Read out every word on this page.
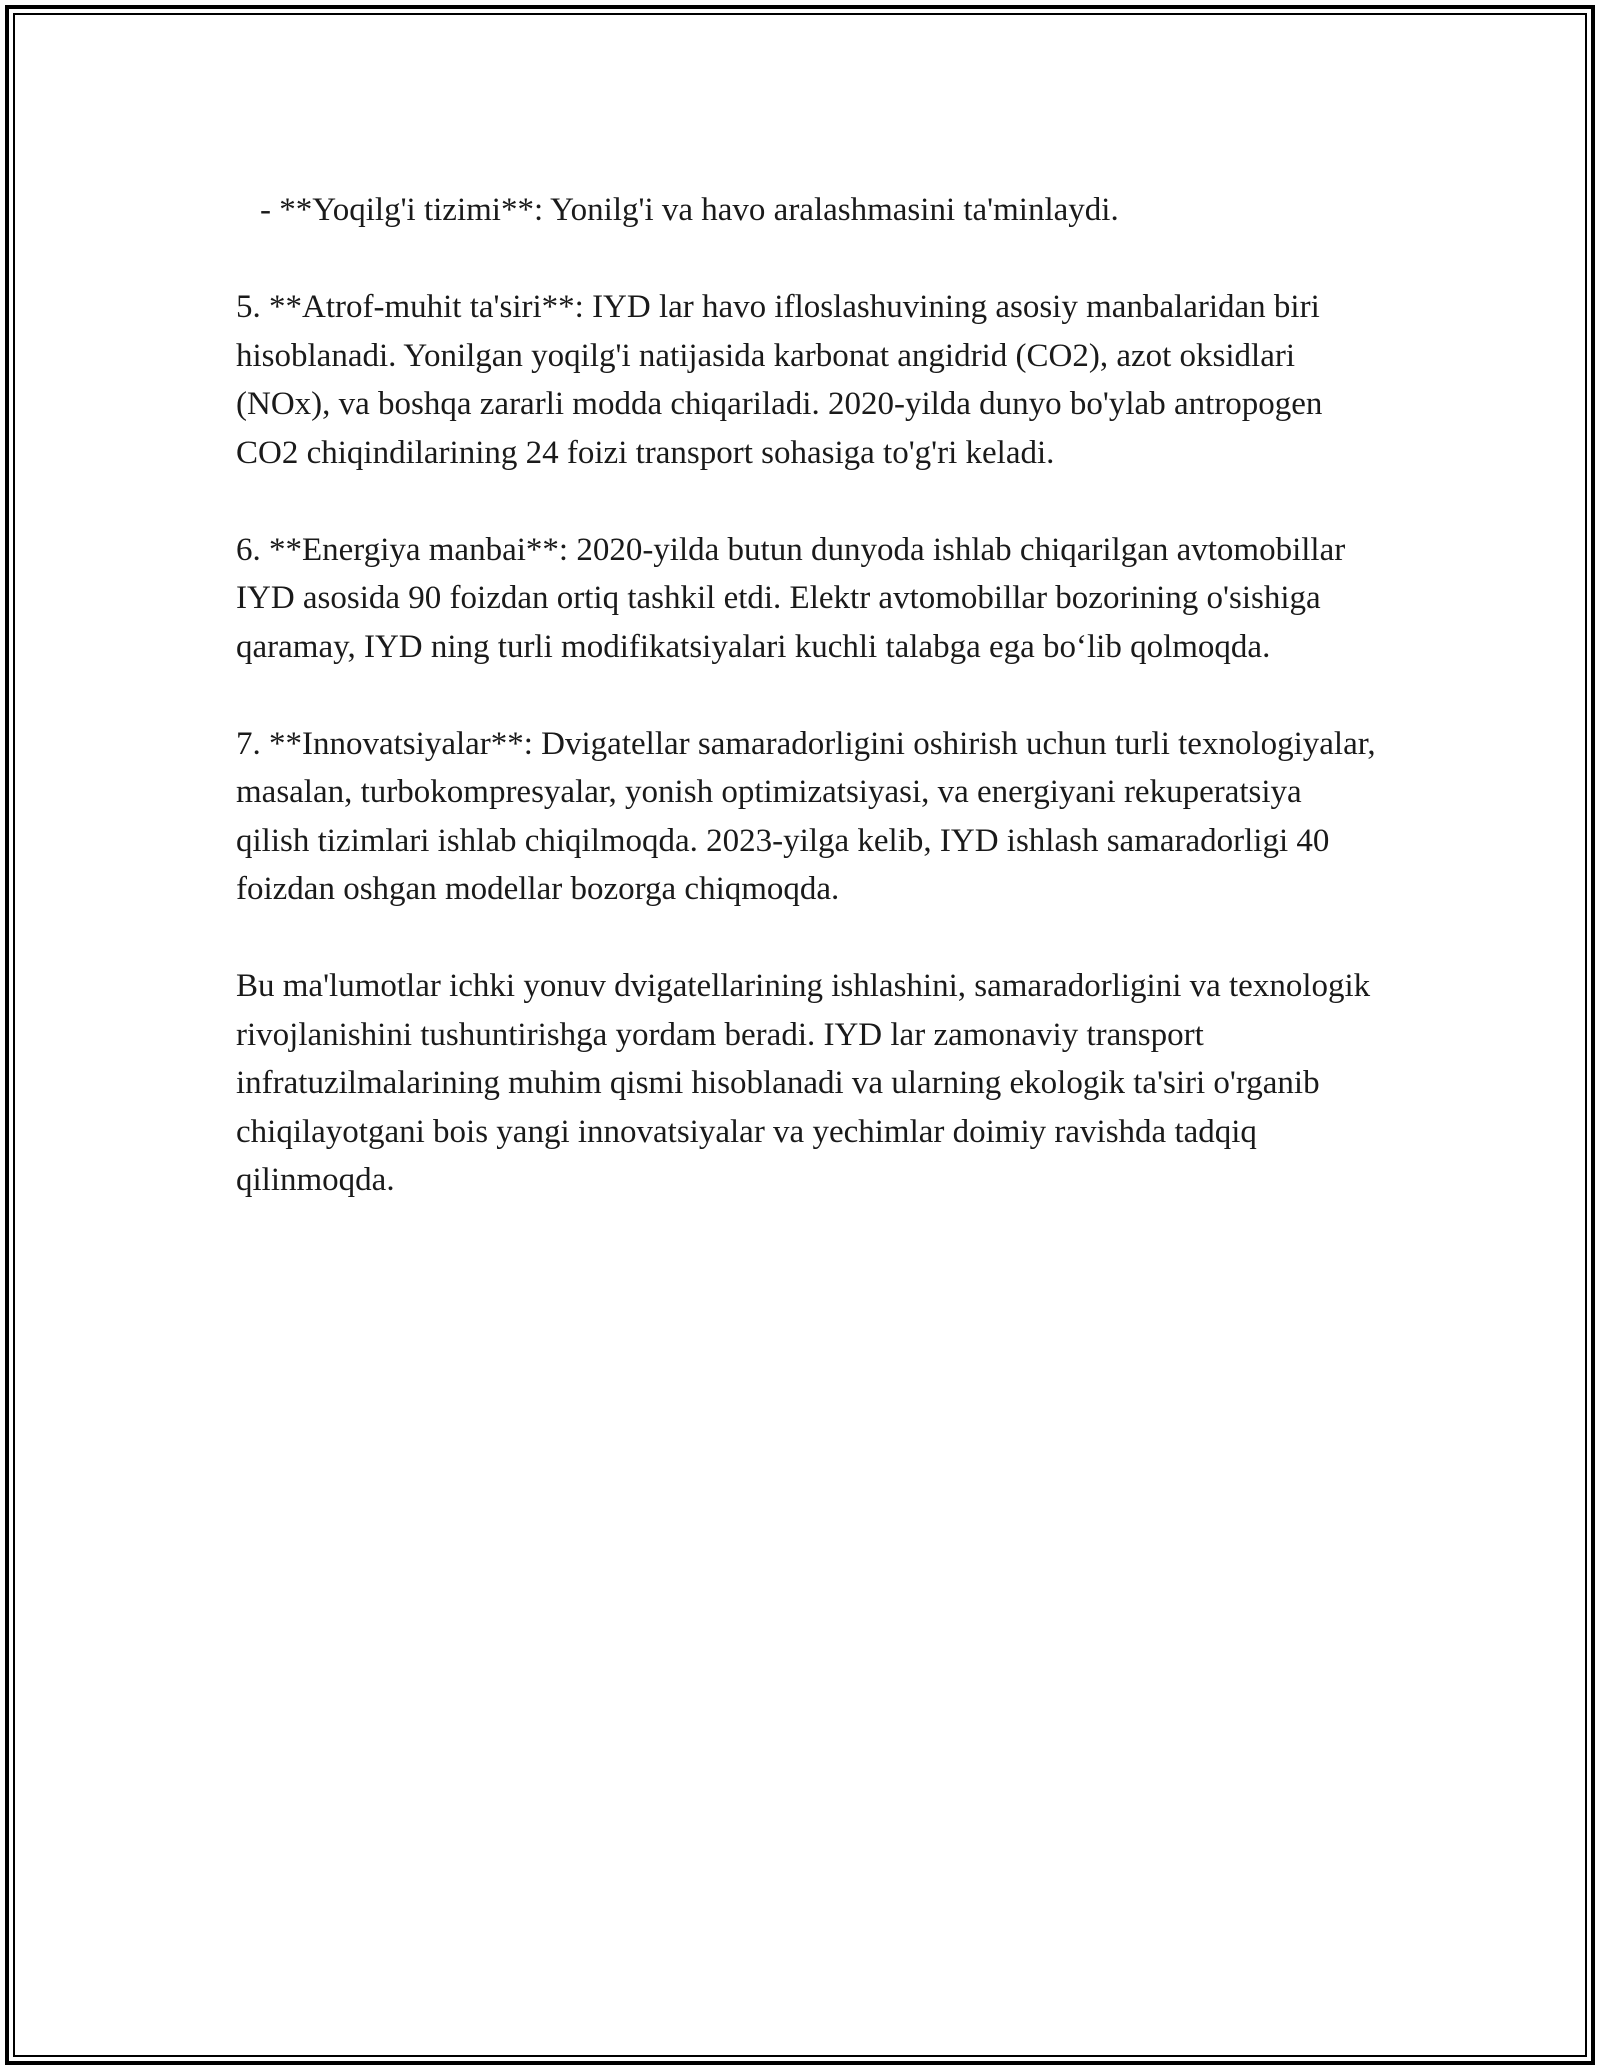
- **Yoqilg'i tizimi**: Yonilg'i va havo aralashmasini ta'minlaydi.

5. **Atrof-muhit ta'siri**: IYD lar havo ifloslashuvining asosiy manbalaridan biri hisoblanadi. Yonilgan yoqilg'i natijasida karbonat angidrid (CO2), azot oksidlari (NOx), va boshqa zararli modda chiqariladi. 2020-yilda dunyo bo'ylab antropogen CO2 chiqindilarining 24 foizi transport sohasiga to'g'ri keladi.

6. **Energiya manbai**: 2020-yilda butun dunyoda ishlab chiqarilgan avtomobillar IYD asosida 90 foizdan ortiq tashkil etdi. Elektr avtomobillar bozorining o'sishiga qaramay, IYD ning turli modifikatsiyalari kuchli talabga ega bo‘lib qolmoqda.

7. **Innovatsiyalar**: Dvigatellar samaradorligini oshirish uchun turli texnologiyalar, masalan, turbokompresyalar, yonish optimizatsiyasi, va energiyani rekuperatsiya qilish tizimlari ishlab chiqilmoqda. 2023-yilga kelib, IYD ishlash samaradorligi 40 foizdan oshgan modellar bozorga chiqmoqda.

Bu ma'lumotlar ichki yonuv dvigatellarining ishlashini, samaradorligini va texnologik rivojlanishini tushuntirishga yordam beradi. IYD lar zamonaviy transport infratuzilmalarining muhim qismi hisoblanadi va ularning ekologik ta'siri o'rganib chiqilayotgani bois yangi innovatsiyalar va yechimlar doimiy ravishda tadqiq qilinmoqda.
